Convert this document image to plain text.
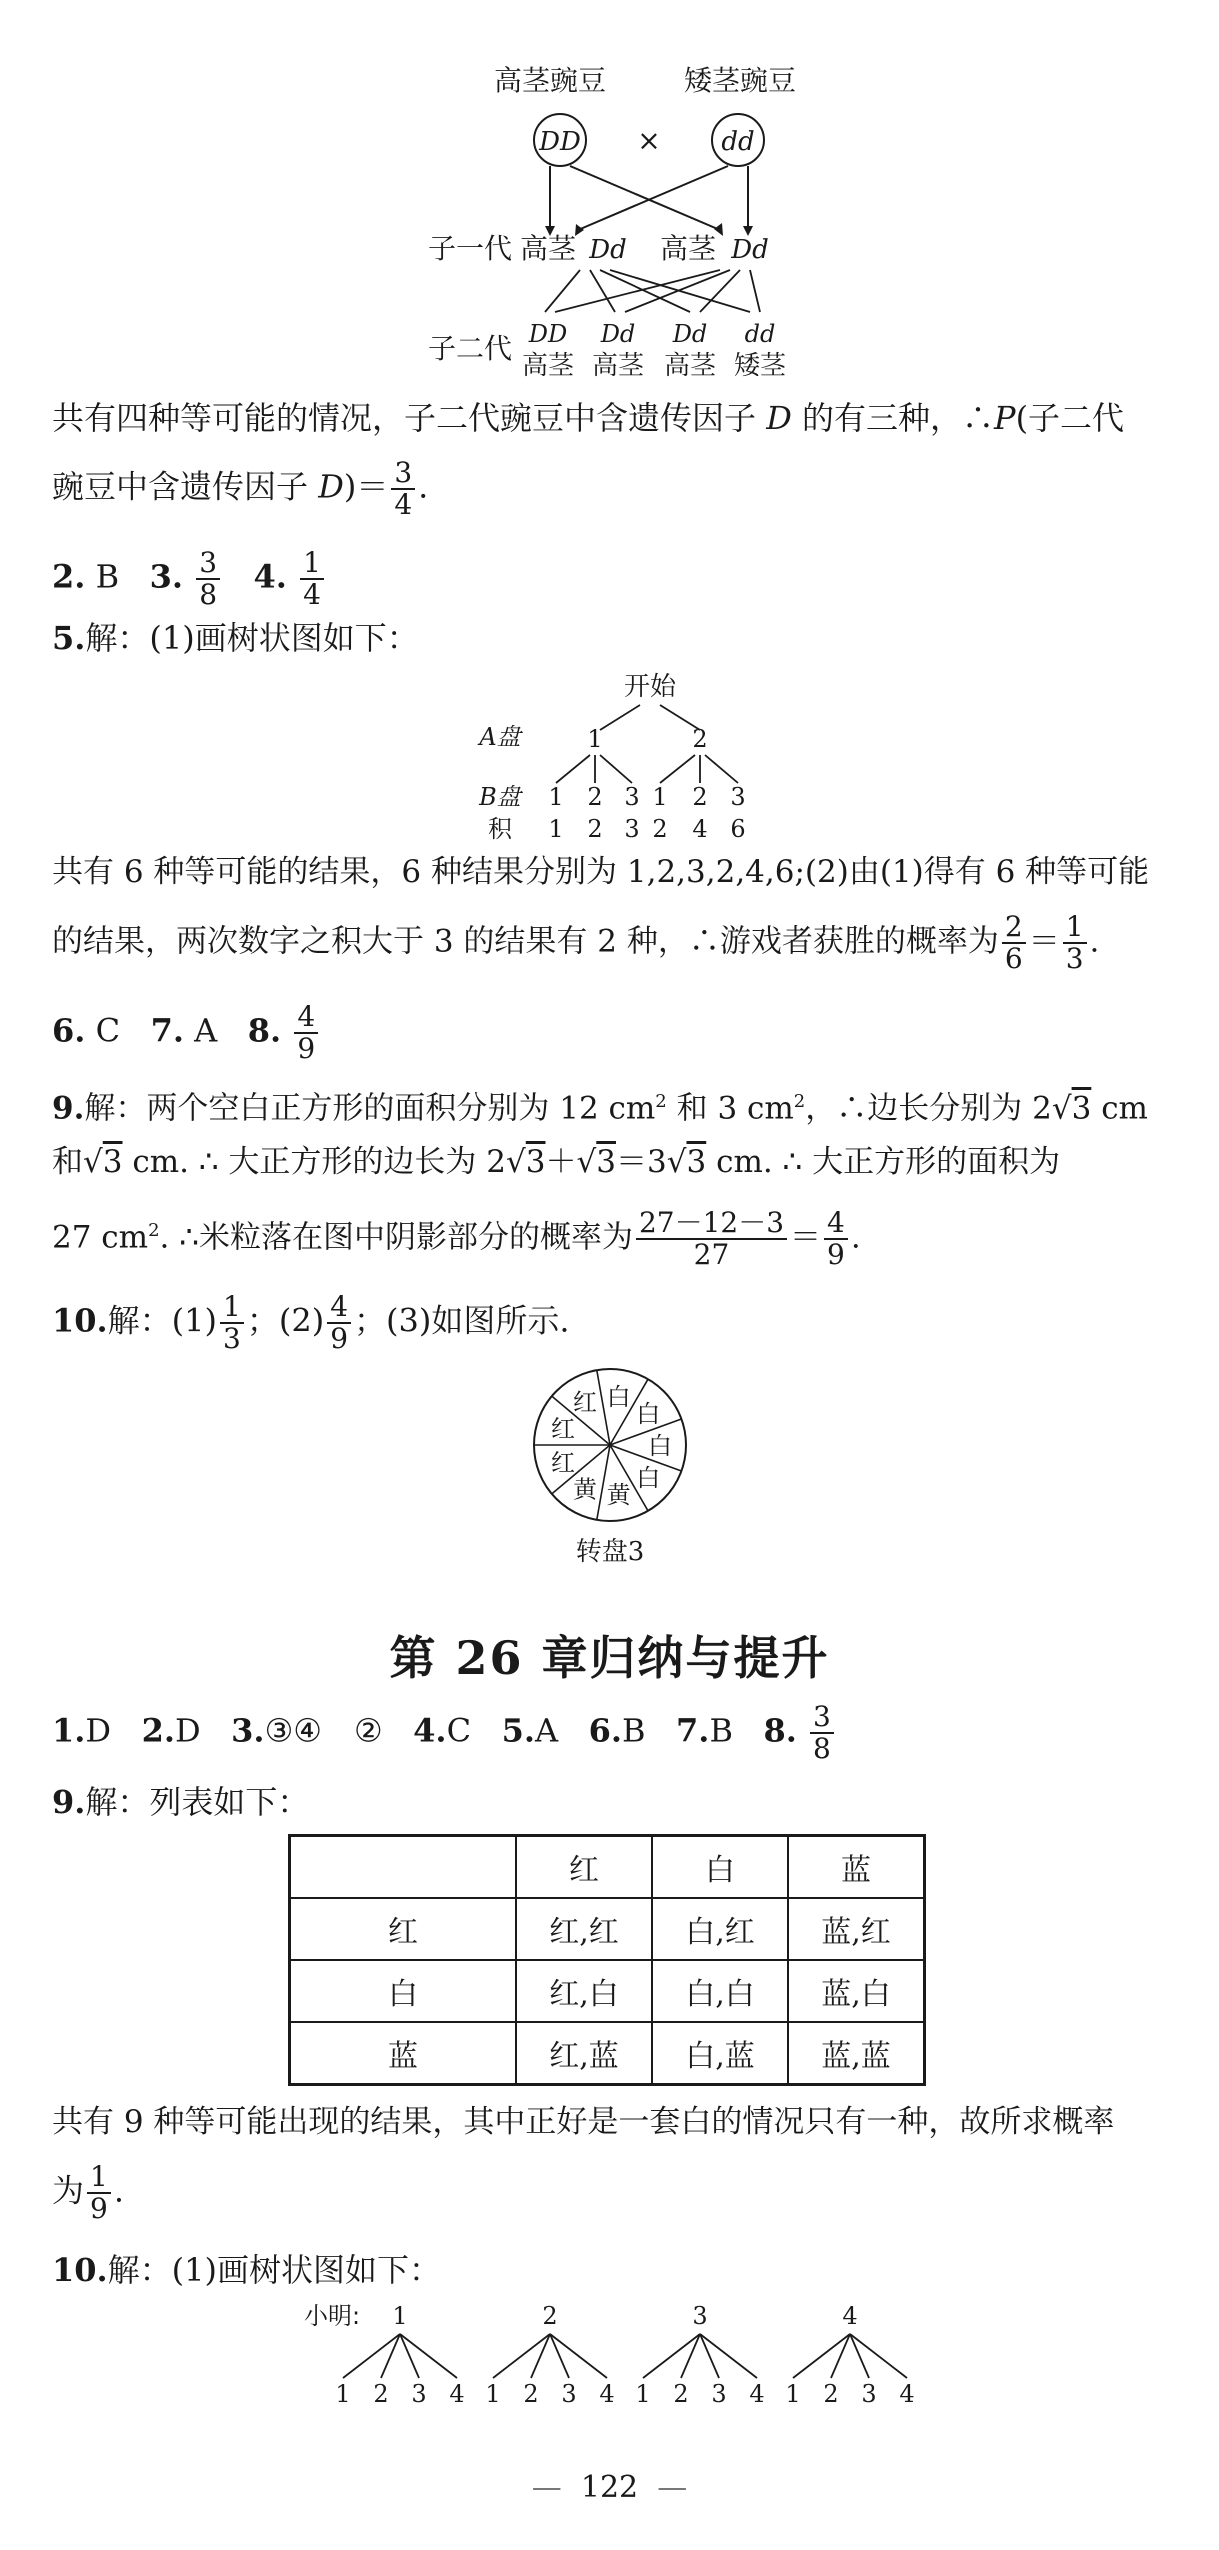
高茎豌豆	矮茎豌豆
DD	dd
×
子一代 高茎 Dd 高茎 Dd
子二代 DD Dd Dd dd
高茎 高茎 高茎 矮茎
共有四种等可能的情况，子二代豌豆中含遗传因子 D 的有三种，∴P(子二代
豌豆中含遗传因子 $D)= \frac{3}{4}$ .
2. B 3. $\frac{3}{8} 4$. $\frac{1}{4}$
5.解：(1)画树状图如下：
开始
A盘	1	2
B盘 1 2 3 1 2 3
积 1 2 3 2 4 6
共有 6 种等可能的结果，6 种结果分别为 1,2,3,2,4,6;(2)由(1)得有 6 种等可能
的结果，两次数字之积大于 3 的结果有 2 种，∴游戏者获胜的概率为 $\frac{2}{6} = \frac{1}{3}$ .
6. C 7. A 8. $\frac{4}{9}$
9.解：两个空白正方形的面积分别为 12 $cm^2$ 和 3 $cm^2$，∴边长分别为 2√3 cm
和√3 cm. ∴ 大正方形的边长为 2√3＋√3＝3√3 cm. ∴ 大正方形的面积为
27 $cm^2$. ∴米粒落在图中阴影部分的概率为 $\frac{27-12-3}{27} = \frac{4}{9}$ .
10.解：$(1) \frac{1}{3}$ ；$(2) \frac{4}{9}$ ；(3)如图所示.
白
白
白
白
黄
黄
红
红
红
转盘3
第 26 章归纳与提升
1.D 2.D 3.③④　② 4.C 5.A 6.B 7.B 8. $\frac{3}{8}$
9.解：列表如下：
	红	白	蓝
红	红,红	白,红	蓝,红
白	红,白	白,白	蓝,白
蓝	红,蓝	白,蓝	蓝,蓝
共有 9 种等可能出现的结果，其中正好是一套白的情况只有一种，故所求概率
为 $\frac{1}{9}$ .
10.解：(1)画树状图如下：
小明: 1
1 2 3 4
2
1 2 3 4
3
1 2 3 4
4
1 2 3 4
— 122 —
